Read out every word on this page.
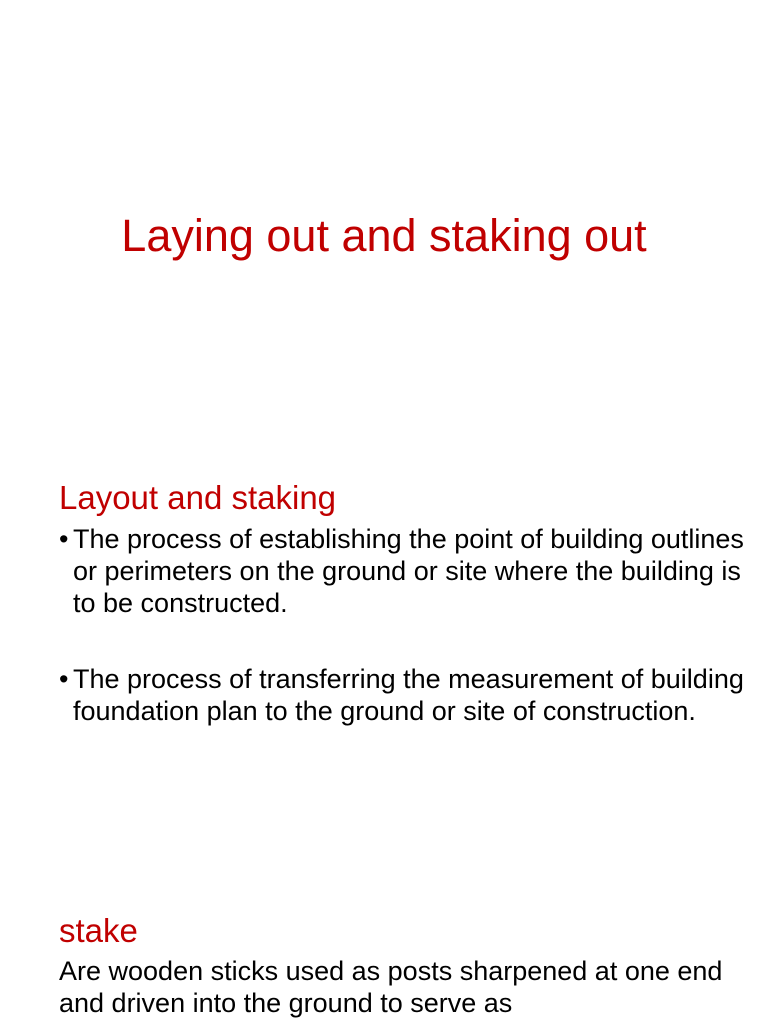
Laying out and staking out
Layout and staking
• The process of establishing the point of building outlines or perimeters on the ground or site where the building is to be constructed.
• The process of transferring the measurement of building foundation plan to the ground or site of construction.
stake

Are wooden sticks used as posts sharpened at one end and driven into the ground to serve as
